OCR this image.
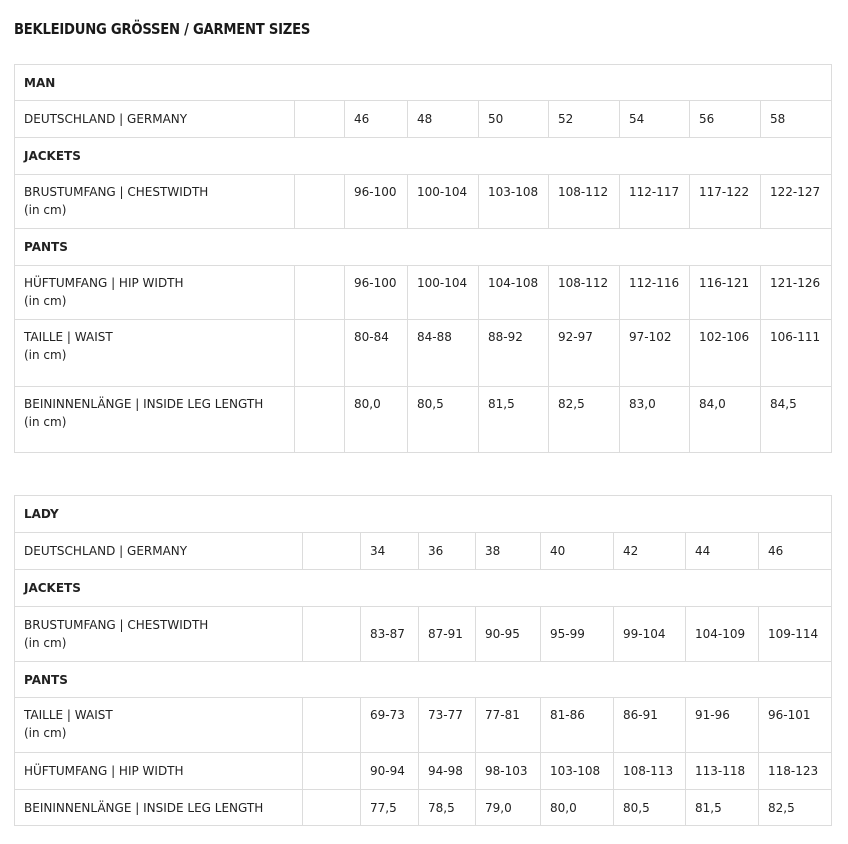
BEKLEIDUNG GRÖSSEN / GARMENT SIZES
MAN								
DEUTSCHLAND | GERMANY		46	48	50	52	54	56	58
JACKETS								

BRUSTUMFANG | CHESTWIDTH
(in cm)		96-100	100-104	103-108	108-112	112-117	117-122	122-127
PANTS								

HÜFTUMFANG | HIP WIDTH
(in cm)		96-100	100-104	104-108	108-112	112-116	116-121	121-126

TAILLE | WAIST
(in cm)		80-84	84-88	88-92	92-97	97-102	102-106	106-111

BEININNENLÄNGE | INSIDE LEG LENGTH
(in cm)		80,0	80,5	81,5	82,5	83,0	84,0	84,5
LADY								
DEUTSCHLAND | GERMANY		34	36	38	40	42	44	46
JACKETS								

BRUSTUMFANG | CHESTWIDTH
(in cm)		83-87	87-91	90-95	95-99	99-104	104-109	109-114
PANTS								

TAILLE | WAIST
(in cm)		69-73	73-77	77-81	81-86	86-91	91-96	96-101
HÜFTUMFANG | HIP WIDTH		90-94	94-98	98-103	103-108	108-113	113-118	118-123
BEININNENLÄNGE | INSIDE LEG LENGTH		77,5	78,5	79,0	80,0	80,5	81,5	82,5
